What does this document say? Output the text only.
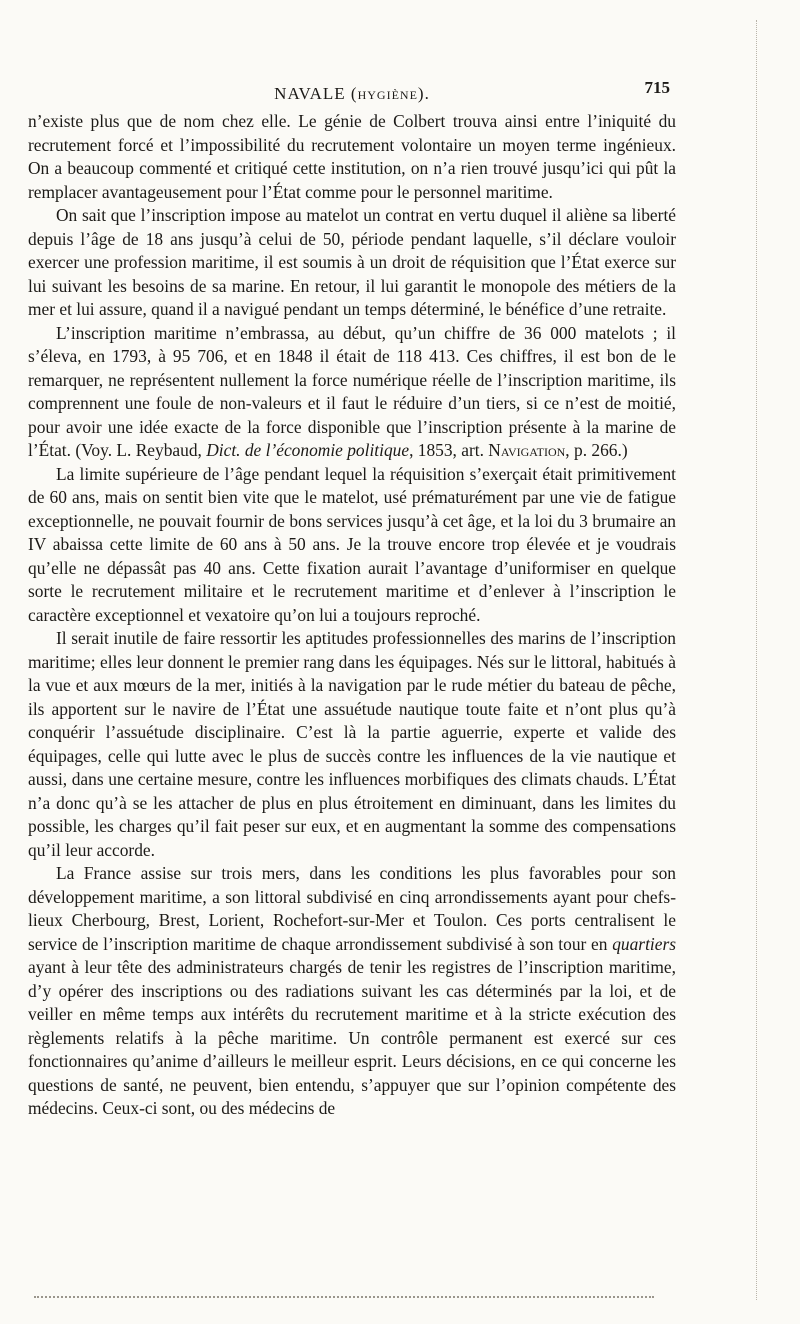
NAVALE (hygiène).	715

n’existe plus que de nom chez elle. Le génie de Colbert trouva ainsi entre l’iniquité du recrutement forcé et l’impossibilité du recrutement volontaire un moyen terme ingénieux. On a beaucoup commenté et critiqué cette institution, on n’a rien trouvé jusqu’ici qui pût la remplacer avantageusement pour l’État comme pour le personnel maritime.

On sait que l’inscription impose au matelot un contrat en vertu duquel il aliène sa liberté depuis l’âge de 18 ans jusqu’à celui de 50, période pendant laquelle, s’il déclare vouloir exercer une profession maritime, il est soumis à un droit de réquisition que l’État exerce sur lui suivant les besoins de sa marine. En retour, il lui garantit le monopole des métiers de la mer et lui assure, quand il a navigué pendant un temps déterminé, le bénéfice d’une retraite.

L’inscription maritime n’embrassa, au début, qu’un chiffre de 36 000 matelots ; il s’éleva, en 1793, à 95 706, et en 1848 il était de 118 413. Ces chiffres, il est bon de le remarquer, ne représentent nullement la force numérique réelle de l’inscription maritime, ils comprennent une foule de non-valeurs et il faut le réduire d’un tiers, si ce n’est de moitié, pour avoir une idée exacte de la force disponible que l’inscription présente à la marine de l’État. (Voy. L. Reybaud, Dict. de l’économie politique, 1853, art. Navigation, p. 266.)

La limite supérieure de l’âge pendant lequel la réquisition s’exerçait était primitivement de 60 ans, mais on sentit bien vite que le matelot, usé prématurément par une vie de fatigue exceptionnelle, ne pouvait fournir de bons services jusqu’à cet âge, et la loi du 3 brumaire an IV abaissa cette limite de 60 ans à 50 ans. Je la trouve encore trop élevée et je voudrais qu’elle ne dépassât pas 40 ans. Cette fixation aurait l’avantage d’uniformiser en quelque sorte le recrutement militaire et le recrutement maritime et d’enlever à l’inscription le caractère exceptionnel et vexatoire qu’on lui a toujours reproché.

Il serait inutile de faire ressortir les aptitudes professionnelles des marins de l’inscription maritime; elles leur donnent le premier rang dans les équipages. Nés sur le littoral, habitués à la vue et aux mœurs de la mer, initiés à la navigation par le rude métier du bateau de pêche, ils apportent sur le navire de l’État une assuétude nautique toute faite et n’ont plus qu’à conquérir l’assuétude disciplinaire. C’est là la partie aguerrie, experte et valide des équipages, celle qui lutte avec le plus de succès contre les influences de la vie nautique et aussi, dans une certaine mesure, contre les influences morbifiques des climats chauds. L’État n’a donc qu’à se les attacher de plus en plus étroitement en diminuant, dans les limites du possible, les charges qu’il fait peser sur eux, et en augmentant la somme des compensations qu’il leur accorde.

La France assise sur trois mers, dans les conditions les plus favorables pour son développement maritime, a son littoral subdivisé en cinq arrondissements ayant pour chefs-lieux Cherbourg, Brest, Lorient, Rochefort-sur-Mer et Toulon. Ces ports centralisent le service de l’inscription maritime de chaque arrondissement subdivisé à son tour en quartiers ayant à leur tête des administrateurs chargés de tenir les registres de l’inscription maritime, d’y opérer des inscriptions ou des radiations suivant les cas déterminés par la loi, et de veiller en même temps aux intérêts du recrutement maritime et à la stricte exécution des règlements relatifs à la pêche maritime. Un contrôle permanent est exercé sur ces fonctionnaires qu’anime d’ailleurs le meilleur esprit. Leurs décisions, en ce qui concerne les questions de santé, ne peuvent, bien entendu, s’appuyer que sur l’opinion compétente des médecins. Ceux-ci sont, ou des médecins de
